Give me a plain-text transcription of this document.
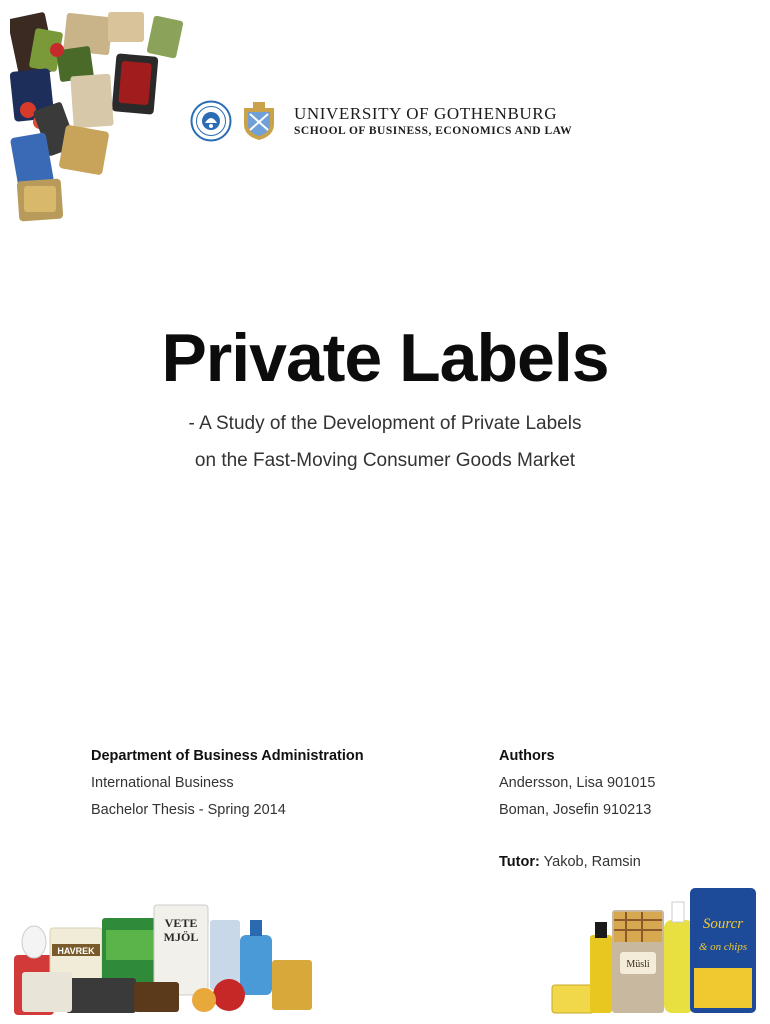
UNIVERSITY OF GOTHENBURG
SCHOOL OF BUSINESS, ECONOMICS AND LAW
Private Labels
- A Study of the Development of Private Labels
on the Fast-Moving Consumer Goods Market
Department of Business Administration
International Business
Bachelor Thesis - Spring 2014
Authors
Andersson, Lisa 901015
Boman, Josefin 910213
Tutor: Yakob, Ramsin
HAVREK
VETE
MJÖL
Müsli
Sourcr
& on chips
